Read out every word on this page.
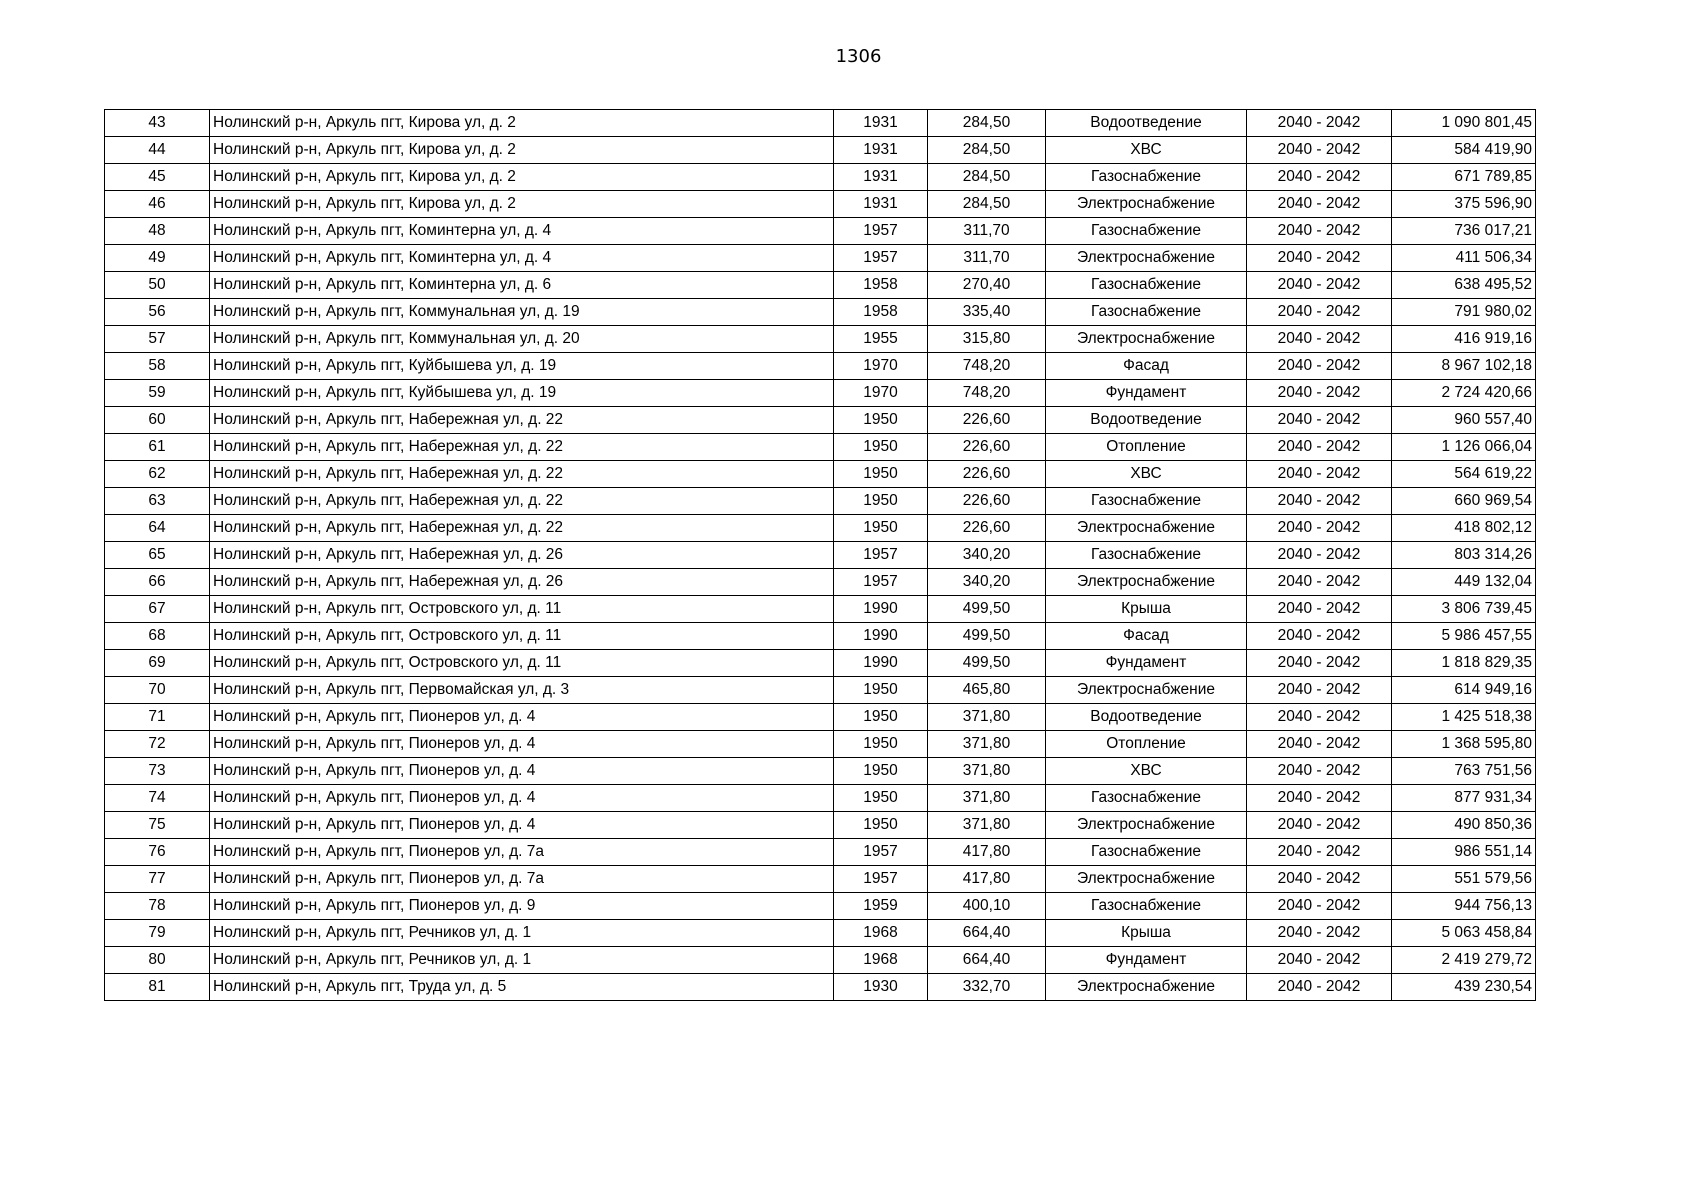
1306
43	Нолинский р-н, Аркуль пгт, Кирова ул, д. 2	1931	284,50	Водоотведение	2040 - 2042	1 090 801,45
44	Нолинский р-н, Аркуль пгт, Кирова ул, д. 2	1931	284,50	ХВС	2040 - 2042	584 419,90
45	Нолинский р-н, Аркуль пгт, Кирова ул, д. 2	1931	284,50	Газоснабжение	2040 - 2042	671 789,85
46	Нолинский р-н, Аркуль пгт, Кирова ул, д. 2	1931	284,50	Электроснабжение	2040 - 2042	375 596,90
48	Нолинский р-н, Аркуль пгт, Коминтерна ул, д. 4	1957	311,70	Газоснабжение	2040 - 2042	736 017,21
49	Нолинский р-н, Аркуль пгт, Коминтерна ул, д. 4	1957	311,70	Электроснабжение	2040 - 2042	411 506,34
50	Нолинский р-н, Аркуль пгт, Коминтерна ул, д. 6	1958	270,40	Газоснабжение	2040 - 2042	638 495,52
56	Нолинский р-н, Аркуль пгт, Коммунальная ул, д. 19	1958	335,40	Газоснабжение	2040 - 2042	791 980,02
57	Нолинский р-н, Аркуль пгт, Коммунальная ул, д. 20	1955	315,80	Электроснабжение	2040 - 2042	416 919,16
58	Нолинский р-н, Аркуль пгт, Куйбышева ул, д. 19	1970	748,20	Фасад	2040 - 2042	8 967 102,18
59	Нолинский р-н, Аркуль пгт, Куйбышева ул, д. 19	1970	748,20	Фундамент	2040 - 2042	2 724 420,66
60	Нолинский р-н, Аркуль пгт, Набережная ул, д. 22	1950	226,60	Водоотведение	2040 - 2042	960 557,40
61	Нолинский р-н, Аркуль пгт, Набережная ул, д. 22	1950	226,60	Отопление	2040 - 2042	1 126 066,04
62	Нолинский р-н, Аркуль пгт, Набережная ул, д. 22	1950	226,60	ХВС	2040 - 2042	564 619,22
63	Нолинский р-н, Аркуль пгт, Набережная ул, д. 22	1950	226,60	Газоснабжение	2040 - 2042	660 969,54
64	Нолинский р-н, Аркуль пгт, Набережная ул, д. 22	1950	226,60	Электроснабжение	2040 - 2042	418 802,12
65	Нолинский р-н, Аркуль пгт, Набережная ул, д. 26	1957	340,20	Газоснабжение	2040 - 2042	803 314,26
66	Нолинский р-н, Аркуль пгт, Набережная ул, д. 26	1957	340,20	Электроснабжение	2040 - 2042	449 132,04
67	Нолинский р-н, Аркуль пгт, Островского ул, д. 11	1990	499,50	Крыша	2040 - 2042	3 806 739,45
68	Нолинский р-н, Аркуль пгт, Островского ул, д. 11	1990	499,50	Фасад	2040 - 2042	5 986 457,55
69	Нолинский р-н, Аркуль пгт, Островского ул, д. 11	1990	499,50	Фундамент	2040 - 2042	1 818 829,35
70	Нолинский р-н, Аркуль пгт, Первомайская ул, д. 3	1950	465,80	Электроснабжение	2040 - 2042	614 949,16
71	Нолинский р-н, Аркуль пгт, Пионеров ул, д. 4	1950	371,80	Водоотведение	2040 - 2042	1 425 518,38
72	Нолинский р-н, Аркуль пгт, Пионеров ул, д. 4	1950	371,80	Отопление	2040 - 2042	1 368 595,80
73	Нолинский р-н, Аркуль пгт, Пионеров ул, д. 4	1950	371,80	ХВС	2040 - 2042	763 751,56
74	Нолинский р-н, Аркуль пгт, Пионеров ул, д. 4	1950	371,80	Газоснабжение	2040 - 2042	877 931,34
75	Нолинский р-н, Аркуль пгт, Пионеров ул, д. 4	1950	371,80	Электроснабжение	2040 - 2042	490 850,36
76	Нолинский р-н, Аркуль пгт, Пионеров ул, д. 7а	1957	417,80	Газоснабжение	2040 - 2042	986 551,14
77	Нолинский р-н, Аркуль пгт, Пионеров ул, д. 7а	1957	417,80	Электроснабжение	2040 - 2042	551 579,56
78	Нолинский р-н, Аркуль пгт, Пионеров ул, д. 9	1959	400,10	Газоснабжение	2040 - 2042	944 756,13
79	Нолинский р-н, Аркуль пгт, Речников ул, д. 1	1968	664,40	Крыша	2040 - 2042	5 063 458,84
80	Нолинский р-н, Аркуль пгт, Речников ул, д. 1	1968	664,40	Фундамент	2040 - 2042	2 419 279,72
81	Нолинский р-н, Аркуль пгт, Труда ул, д. 5	1930	332,70	Электроснабжение	2040 - 2042	439 230,54
